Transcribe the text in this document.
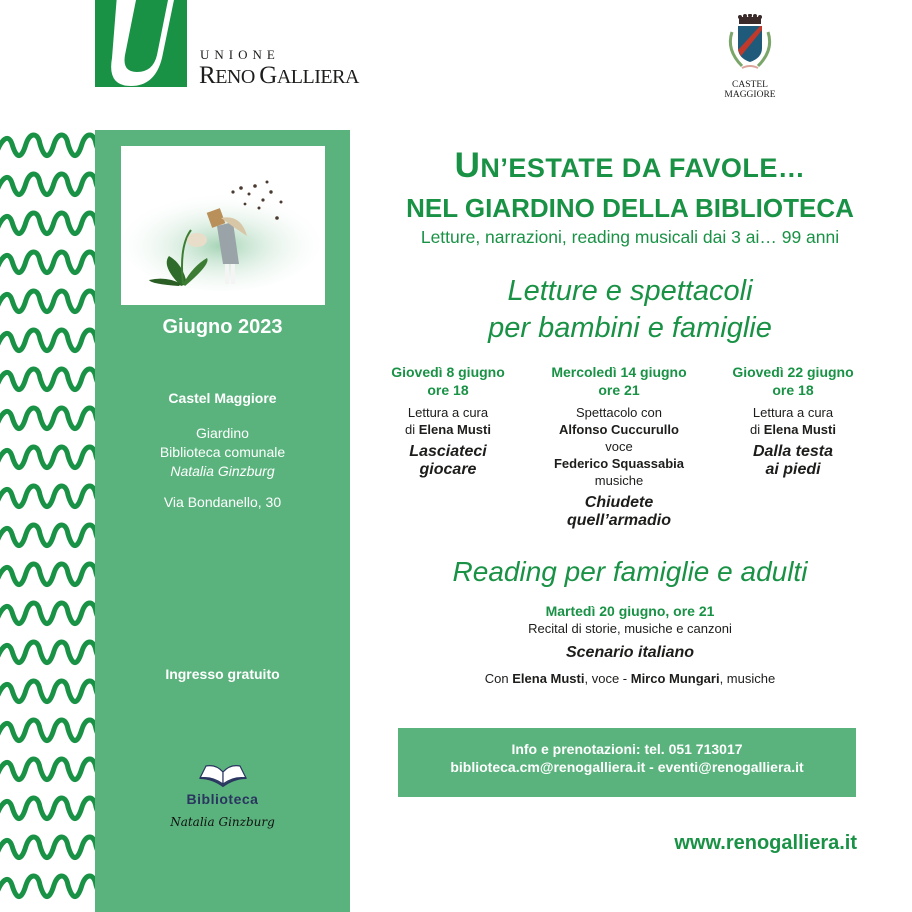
UNIONE
RENO GALLIERA	CASTEL
MAGGIORE
Giugno 2023
Castel Maggiore
Giardino
Biblioteca comunale
Natalia Ginzburg
Via Bondanello, 30
Ingresso gratuito
Biblioteca
Natalia Ginzburg
UN’ESTATE DA FAVOLE…
NEL GIARDINO DELLA BIBLIOTECA
Letture, narrazioni, reading musicali dai 3 ai… 99 anni
Letture e spettacoli
per bambini e famiglie
Giovedì 8 giugno
ore 18
Lettura a cura
di Elena Musti
Lasciateci
giocare
Mercoledì 14 giugno
ore 21
Spettacolo con
Alfonso Cuccurullo
voce
Federico Squassabia
musiche
Chiudete
quell’armadio
Giovedì 22 giugno
ore 18
Lettura a cura
di Elena Musti
Dalla testa
ai piedi
Reading per famiglie e adulti
Martedì 20 giugno, ore 21
Recital di storie, musiche e canzoni
Scenario italiano
Con Elena Musti, voce - Mirco Mungari, musiche
Info e prenotazioni: tel. 051 713017
biblioteca.cm@renogalliera.it - eventi@renogalliera.it
www.renogalliera.it
